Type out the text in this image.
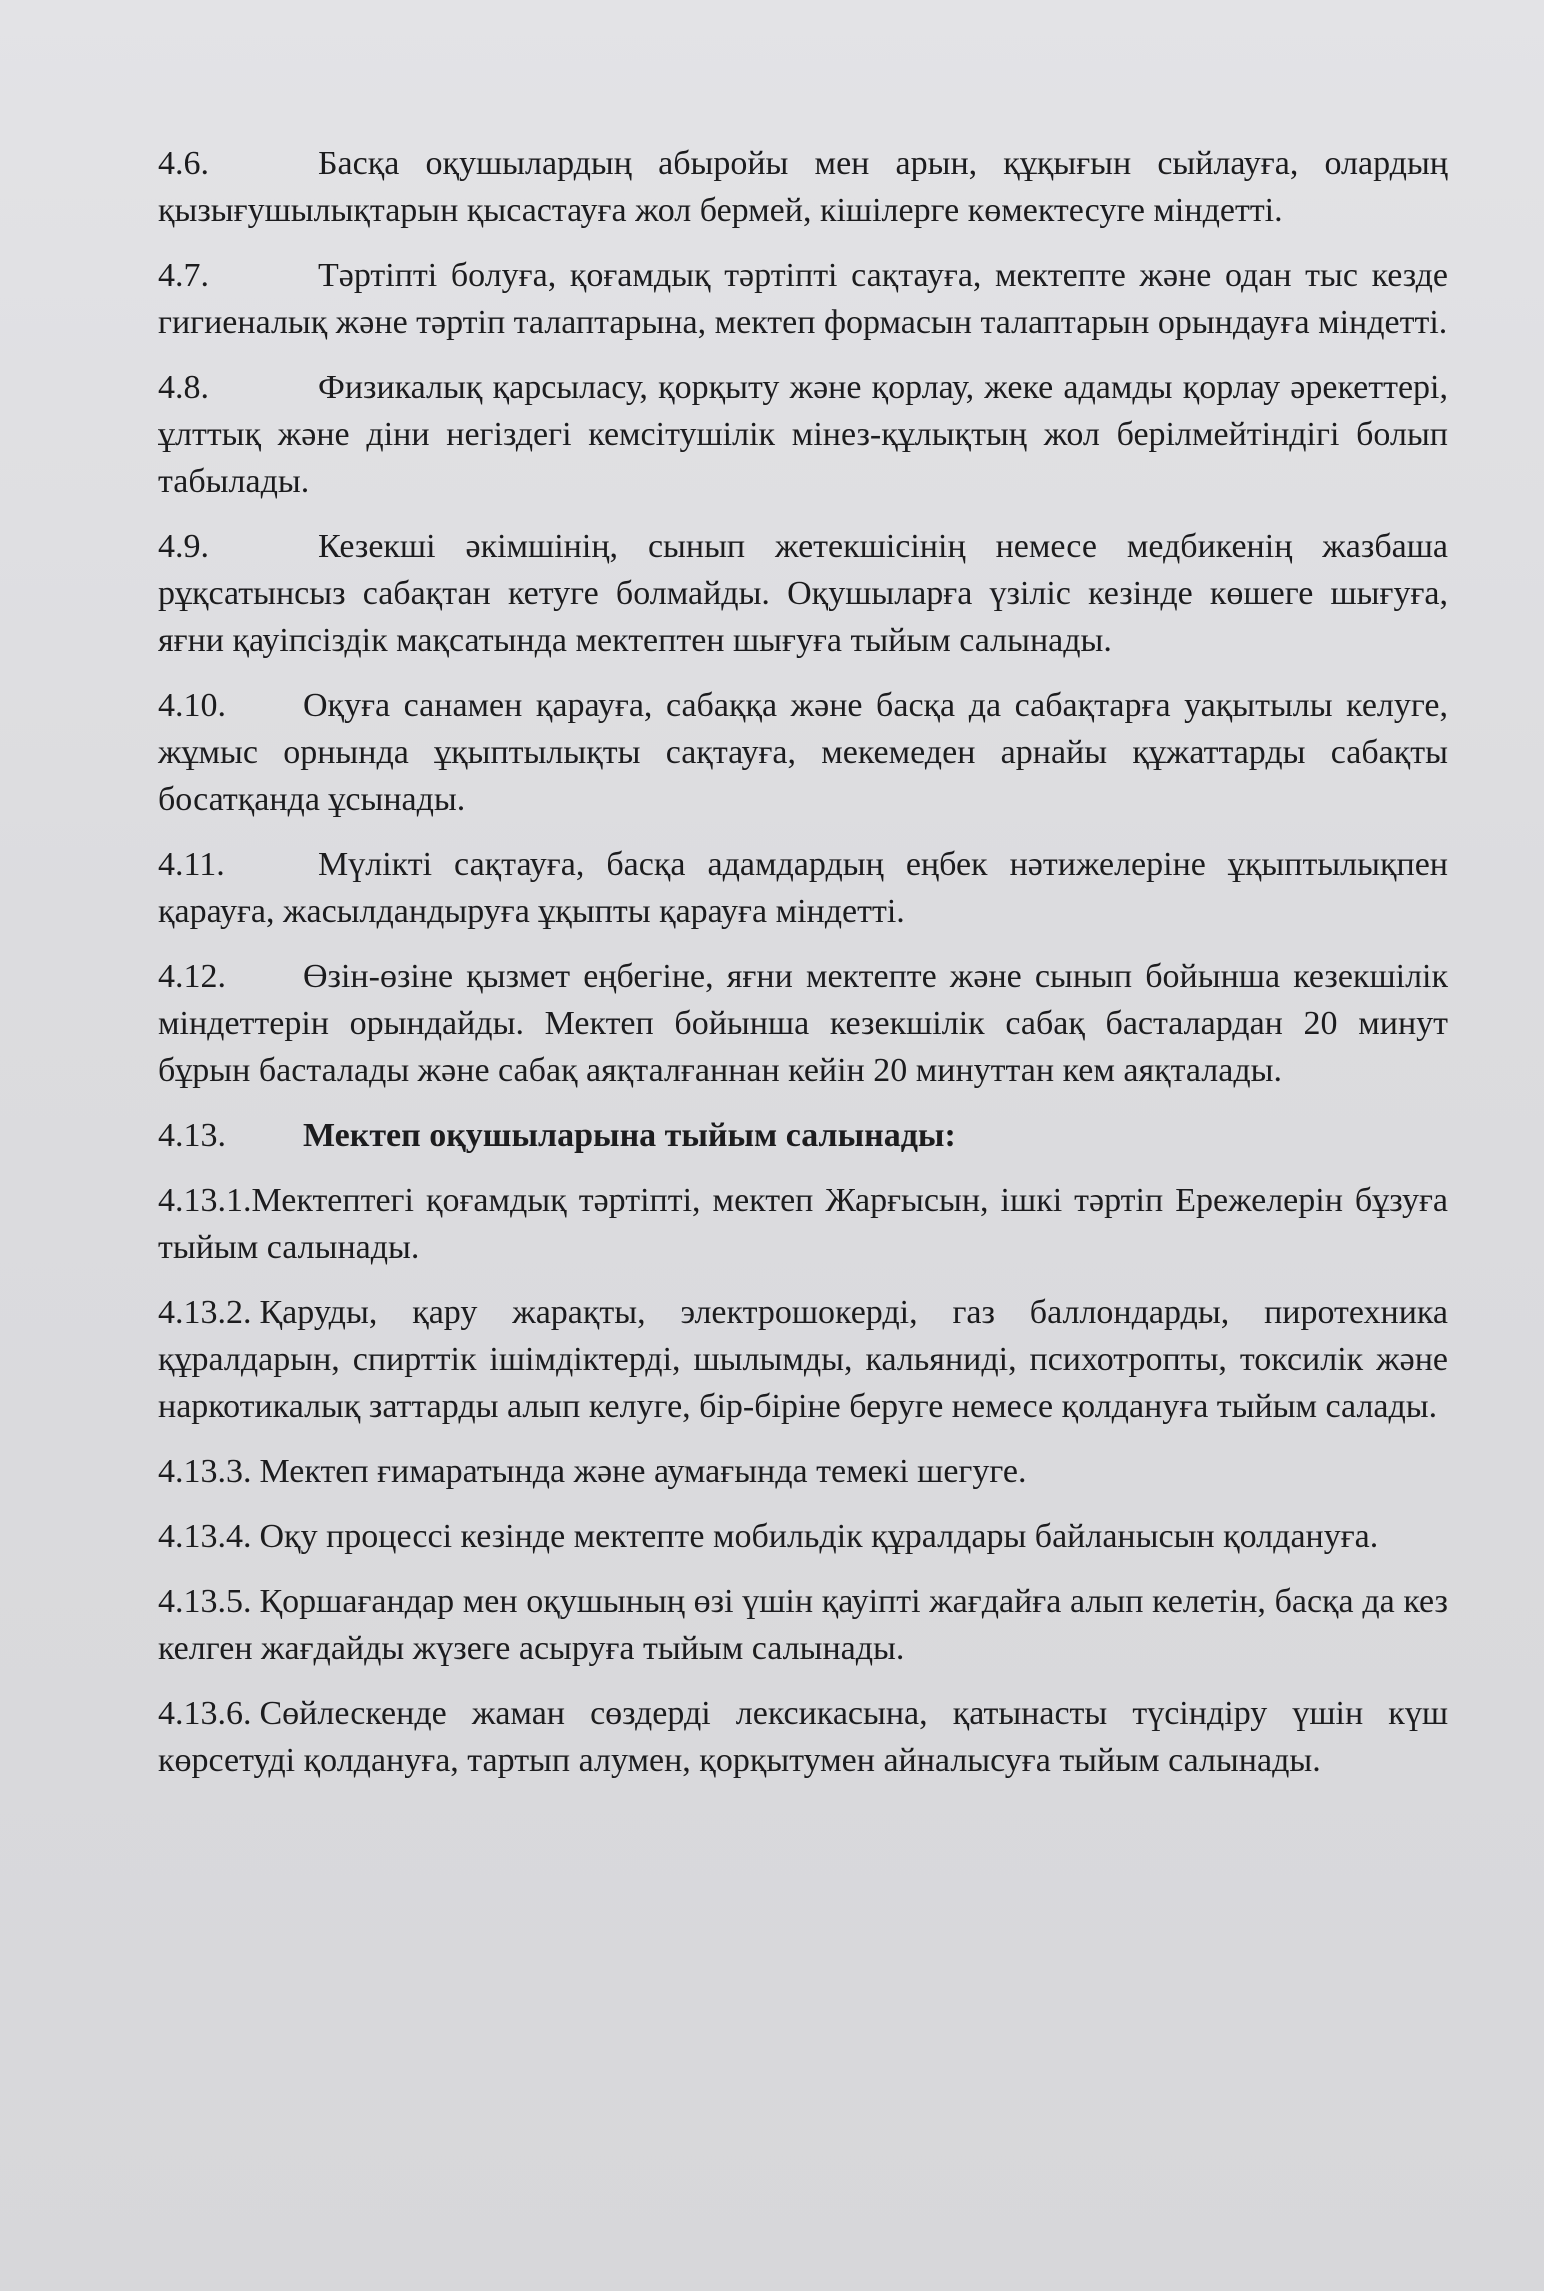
4.6.	Басқа оқушылардың абыройы мен арын, құқығын сыйлауға, олардың қызығушылықтарын қысастауға жол бермей, кішілерге көмектесуге міндетті.

4.7.	Тәртіпті болуға, қоғамдық тәртіпті сақтауға, мектепте және одан тыс кезде гигиеналық және тәртіп талаптарына, мектеп формасын талаптарын орындауға міндетті.

4.8.	Физикалық қарсыласу, қорқыту және қорлау, жеке адамды қорлау әрекеттері, ұлттық және діни негіздегі кемсітушілік мінез-құлықтың жол берілмейтіндігі болып табылады.

4.9.	Кезекші әкімшінің, сынып жетекшісінің немесе медбикенің жазбаша рұқсатынсыз сабақтан кетуге болмайды. Оқушыларға үзіліс кезінде көшеге шығуға, яғни қауіпсіздік мақсатында мектептен шығуға тыйым салынады.

4.10. Оқуға санамен қарауға, сабаққа және басқа да сабақтарға уақытылы келуге, жұмыс орнында ұқыптылықты сақтауға, мекемеден арнайы құжаттарды сабақты босатқанда ұсынады.

4.11.	Мүлікті сақтауға, басқа адамдардың еңбек нәтижелеріне ұқыптылықпен қарауға, жасылдандыруға ұқыпты қарауға міндетті.

4.12. Өзін-өзіне қызмет еңбегіне, яғни мектепте және сынып бойынша кезекшілік міндеттерін орындайды. Мектеп бойынша кезекшілік сабақ басталардан 20 минут бұрын басталады және сабақ аяқталғаннан кейін 20 минуттан кем аяқталады.

4.13. Мектеп оқушыларына тыйым салынады:

4.13.1.Мектептегі қоғамдық тәртіпті, мектеп Жарғысын, ішкі тәртіп Ережелерін бұзуға тыйым салынады.

4.13.2. Қаруды, қару жарақты, электрошокерді, газ баллондарды, пиротехника құралдарын, спирттік ішімдіктерді, шылымды, кальяниді, психотропты, токсилік және наркотикалық заттарды алып келуге, бір-біріне беруге немесе қолдануға тыйым салады.

4.13.3. Мектеп ғимаратында және аумағында темекі шегуге.

4.13.4. Оқу процессі кезінде мектепте мобильдік құралдары байланысын қолдануға.

4.13.5. Қоршағандар мен оқушының өзі үшін қауіпті жағдайға алып келетін, басқа да кез келген жағдайды жүзеге асыруға тыйым салынады.

4.13.6. Сөйлескенде жаман сөздерді лексикасына, қатынасты түсіндіру үшін күш көрсетуді қолдануға, тартып алумен, қорқытумен айналысуға тыйым салынады.
